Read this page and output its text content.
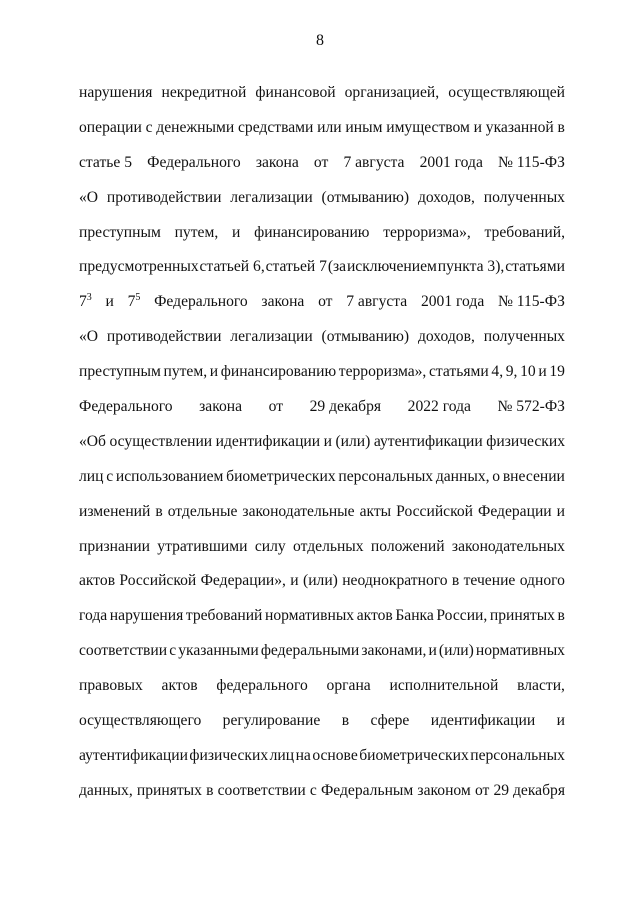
8
нарушения некредитной финансовой организацией, осуществляющей
операции с денежными средствами или иным имуществом и указанной в
статье 5 Федерального закона от 7 августа 2001 года № 115-ФЗ
«О противодействии легализации (отмыванию) доходов, полученных
преступным путем, и финансированию терроризма», требований,
предусмотренных статьей 6, статьей 7 (за исключением пункта 3), статьями
$7^3$ и $7^5$ Федерального закона от 7 августа 2001 года № 115-ФЗ
«О противодействии легализации (отмыванию) доходов, полученных
преступным путем, и финансированию терроризма», статьями 4, 9, 10 и 19
Федерального закона от 29 декабря 2022 года № 572-ФЗ
«Об осуществлении идентификации и (или) аутентификации физических
лиц с использованием биометрических персональных данных, о внесении
изменений в отдельные законодательные акты Российской Федерации и
признании утратившими силу отдельных положений законодательных
актов Российской Федерации», и (или) неоднократного в течение одного
года нарушения требований нормативных актов Банка России, принятых в
соответствии с указанными федеральными законами, и (или) нормативных
правовых актов федерального органа исполнительной власти,
осуществляющего регулирование в сфере идентификации и
аутентификации физических лиц на основе биометрических персональных
данных, принятых в соответствии с Федеральным законом от 29 декабря
